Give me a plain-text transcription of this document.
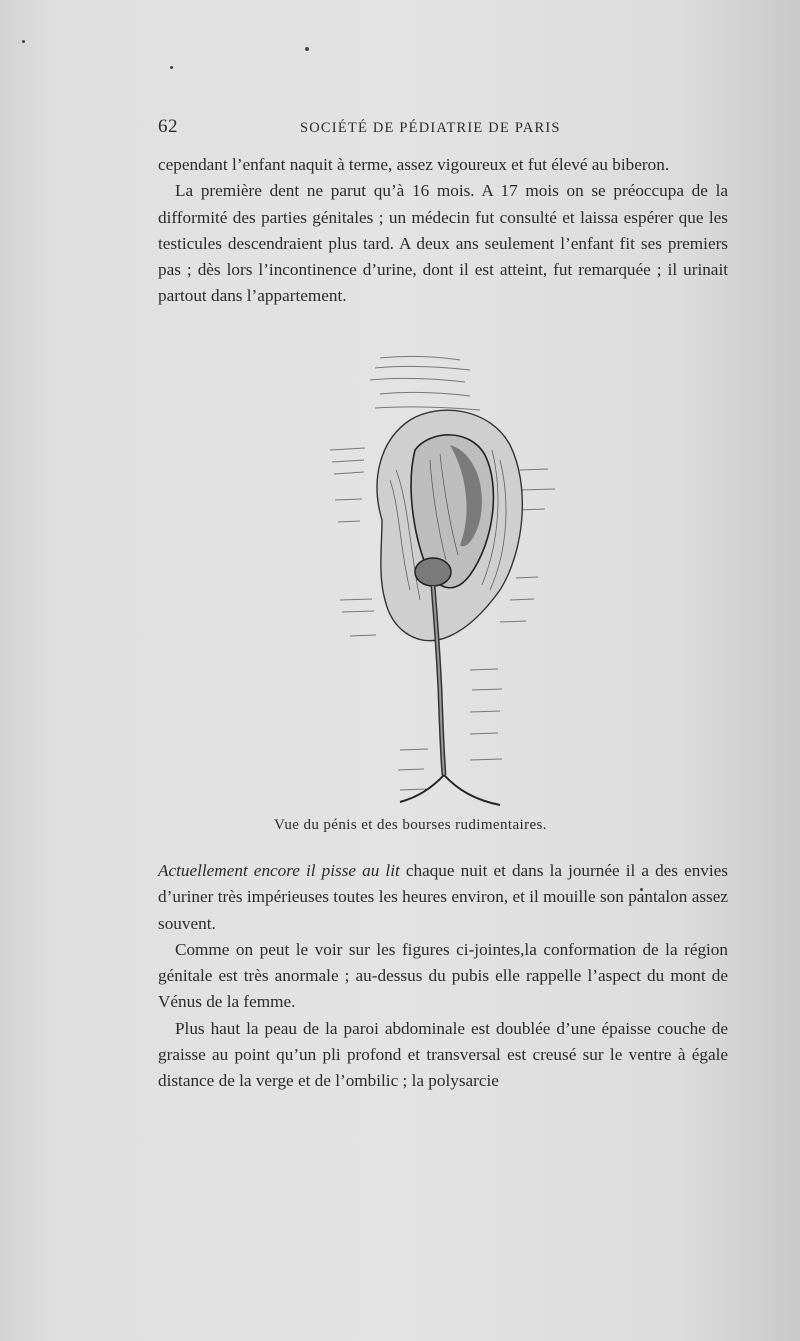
62	SOCIÉTÉ DE PÉDIATRIE DE PARIS

cependant l’enfant naquit à terme, assez vigoureux et fut élevé au biberon.

La première dent ne parut qu’à 16 mois. A 17 mois on se préoccupa de la difformité des parties génitales ; un médecin fut consulté et laissa espérer que les testicules descendraient plus tard. A deux ans seulement l’enfant fit ses premiers pas ; dès lors l’incontinence d’urine, dont il est atteint, fut remarquée ; il urinait partout dans l’appartement.

Vue du pénis et des bourses rudimentaires.

Actuellement encore il pisse au lit chaque nuit et dans la journée il a des envies d’uriner très impérieuses toutes les heures environ, et il mouille son pantalon assez souvent.

Comme on peut le voir sur les figures ci-jointes,la conformation de la région génitale est très anormale ; au-dessus du pubis elle rappelle l’aspect du mont de Vénus de la femme.

Plus haut la peau de la paroi abdominale est doublée d’une épaisse couche de graisse au point qu’un pli profond et transversal est creusé sur le ventre à égale distance de la verge et de l’ombilic ; la polysarcie
